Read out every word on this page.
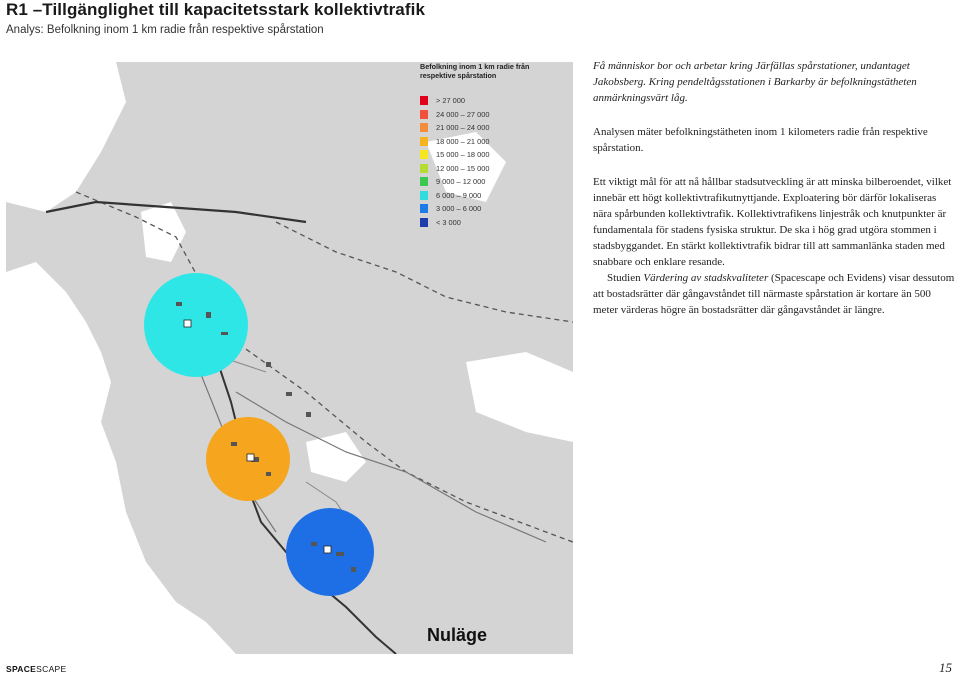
R1 –Tillgänglighet till kapacitetsstark kollektivtrafik
Analys: Befolkning inom 1 km radie från respektive spårstation
Befolkning inom 1 km radie från respektive spårstation
> 27 000
24 000 – 27 000
21 000 – 24 000
18 000 – 21 000
15 000 – 18 000
12 000 – 15 000
9 000 – 12 000
6 000 – 9 000
3 000 – 6 000
< 3 000
Nuläge

Få människor bor och arbetar kring Järfällas spårstationer, undantaget Jakobsberg. Kring pendeltågsstationen i Barkarby är befolkningstätheten anmärkningsvärt låg.

Analysen mäter befolkningstätheten inom 1 kilometers radie från respektive spårstation.

Ett viktigt mål för att nå hållbar stadsutveckling är att minska bilberoendet, vilket innebär ett högt kollektivtrafikutnyttjande. Exploatering bör därför lokaliseras nära spårbunden kollektivtrafik. Kollektivtrafikens linjestråk och knutpunkter är fundamentala för stadens fysiska struktur. De ska i hög grad utgöra stommen i stadsbyggandet. En stärkt kollektivtrafik bidrar till att sammanlänka staden med snabbare och enklare resande.

Studien Värdering av stadskvaliteter (Spacescape och Evidens) visar dessutom att bostadsrätter där gångavståndet till närmaste spårstation är kortare än 500 meter värderas högre än bostadsrätter där gångavståndet är längre.

SPACESCAPE	15
